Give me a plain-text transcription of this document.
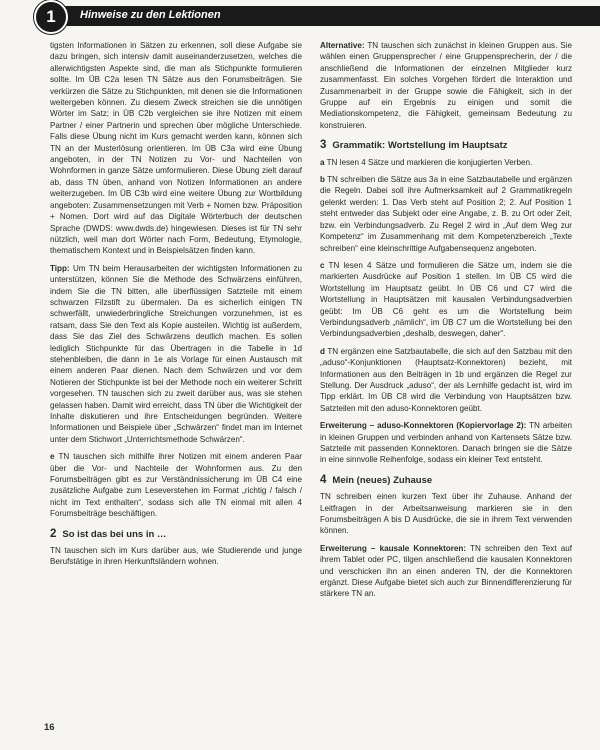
1	Hinweise zu den Lektionen

tigsten Informationen in Sätzen zu erkennen, soll diese Aufgabe sie dazu bringen, sich intensiv damit auseinanderzusetzen, welches die allerwichtigsten Aspekte sind, die man als Stichpunkte formulieren sollte. Im ÜB C2a lesen TN Sätze aus den Forumsbeiträgen. Sie verkürzen die Sätze zu Stichpunkten, mit denen sie die Informationen weitergeben können. Zu diesem Zweck streichen sie die unnötigen Wörter im Satz; in ÜB C2b vergleichen sie ihre Notizen mit einem Partner / einer Partnerin und sprechen über mögliche Unterschiede. Falls diese Übung nicht im Kurs gemacht werden kann, können sich TN an der Musterlösung orientieren. Im ÜB C3a wird eine Übung angeboten, in der TN Notizen zu Vor- und Nachteilen von Wohnformen in ganze Sätze umformulieren. Diese Übung zielt darauf ab, dass TN üben, anhand von Notizen Informationen an andere weiterzugeben. Im ÜB C3b wird eine weitere Übung zur Wortbildung angeboten: Zusammensetzungen mit Verb + Nomen bzw. Präposition + Nomen. Dort wird auf das Digitale Wörterbuch der deutschen Sprache (DWDS: www.dwds.de) hingewiesen. Dieses ist für TN sehr nützlich, weil man dort Wörter nach Form, Bedeutung, Etymologie, thematischem Kontext und in Beispielsätzen finden kann.

Tipp: Um TN beim Herausarbeiten der wichtigsten Informationen zu unterstützen, können Sie die Methode des Schwärzens einführen, indem Sie die TN bitten, alle überflüssigen Satzteile mit einem schwarzen Filzstift zu übermalen. Da es sicherlich einigen TN schwerfällt, unwiederbringliche Streichungen vorzunehmen, ist es ratsam, dass Sie den Text als Kopie austeilen. Wichtig ist außerdem, dass Sie das Ziel des Schwärzens deutlich machen. Es sollen lediglich Stichpunkte für das Übertragen in die Tabelle in 1d stehenbleiben, die dann in 1e als Vorlage für einen Austausch mit einem anderen Paar dienen. Nach dem Schwärzen und vor dem Notieren der Stichpunkte ist bei der Methode noch ein weiterer Schritt vorgesehen. TN tauschen sich zu zweit darüber aus, was sie stehen gelassen haben. Damit wird erreicht, dass TN über die Wichtigkeit der Inhalte diskutieren und ihre Entscheidungen begründen. Weitere Informationen und Beispiele über „Schwärzen“ findet man im Internet unter dem Stichwort „Unterrichtsmethode Schwärzen“.

e TN tauschen sich mithilfe ihrer Notizen mit einem anderen Paar über die Vor- und Nachteile der Wohnformen aus. Zu den Forumsbeiträgen gibt es zur Verständnissicherung im ÜB C4 eine zusätzliche Aufgabe zum Leseverstehen im Format „richtig / falsch / nicht im Text enthalten“, sodass sich alle TN einmal mit allen 4 Forumsbeiträge beschäftigen.

2 So ist das bei uns in …

TN tauschen sich im Kurs darüber aus, wie Studierende und junge Berufstätige in ihren Herkunftsländern wohnen.

Alternative: TN tauschen sich zunächst in kleinen Gruppen aus. Sie wählen einen Gruppensprecher / eine Gruppensprecherin, der / die anschließend die Informationen der einzelnen Mitglieder kurz zusammenfasst. Ein solches Vorgehen fördert die Interaktion und Zusammenarbeit in der Gruppe sowie die Fähigkeit, sich in der Gruppe auf ein Ergebnis zu einigen und somit die Mediationskompetenz, die Fähigkeit, gemeinsam Bedeutung zu konstruieren.

3 Grammatik: Wortstellung im Hauptsatz

a TN lesen 4 Sätze und markieren die konjugierten Verben.

b TN schreiben die Sätze aus 3a in eine Satzbautabelle und ergänzen die Regeln. Dabei soll ihre Aufmerksamkeit auf 2 Grammatikregeln gelenkt werden: 1. Das Verb steht auf Position 2; 2. Auf Position 1 steht entweder das Subjekt oder eine Angabe, z. B. zu Ort oder Zeit, bzw. ein Verbindungsadverb. Zu Regel 2 wird in „Auf dem Weg zur Kompetenz“ im Zusammenhang mit dem Kompetenzbereich „Texte schreiben“ eine kleinschrittige Aufgabensequenz angeboten.

c TN lesen 4 Sätze und formulieren die Sätze um, indem sie die markierten Ausdrücke auf Position 1 stellen. Im ÜB C5 wird die Wortstellung im Hauptsatz geübt. In ÜB C6 und C7 wird die Wortstellung in Hauptsätzen mit kausalen Verbindungsadverbien geübt: Im ÜB C6 geht es um die Wortstellung beim Verbindungsadverb „nämlich“, im ÜB C7 um die Wortstellung bei den Verbindungsadverbien „deshalb, deswegen, daher“.

d TN ergänzen eine Satzbautabelle, die sich auf den Satzbau mit den „aduso“-Konjunktionen (Hauptsatz-Konnektoren) bezieht, mit Informationen aus den Beiträgen in 1b und ergänzen die Regel zur Stellung. Der Ausdruck „aduso“, der als Lernhilfe gedacht ist, wird im Tipp erklärt. Im ÜB C8 wird die Verbindung von Hauptsätzen bzw. Satzteilen mit den aduso-Konnektoren geübt.

Erweiterung – aduso-Konnektoren (Kopiervorlage 2): TN arbeiten in kleinen Gruppen und verbinden anhand von Kartensets Sätze bzw. Satzteile mit passenden Konnektoren. Danach bringen sie die Sätze in eine sinnvolle Reihenfolge, sodass ein kleiner Text entsteht.

4 Mein (neues) Zuhause

TN schreiben einen kurzen Text über ihr Zuhause. Anhand der Leitfragen in der Arbeitsanweisung markieren sie in den Forumsbeiträgen A bis D Ausdrücke, die sie in ihrem Text verwenden können.

Erweiterung – kausale Konnektoren: TN schreiben den Text auf ihrem Tablet oder PC, tilgen anschließend die kausalen Konnektoren und verschicken ihn an einen anderen TN, der die Konnektoren ergänzt. Diese Aufgabe bietet sich auch zur Binnendifferenzierung für stärkere TN an.

16
